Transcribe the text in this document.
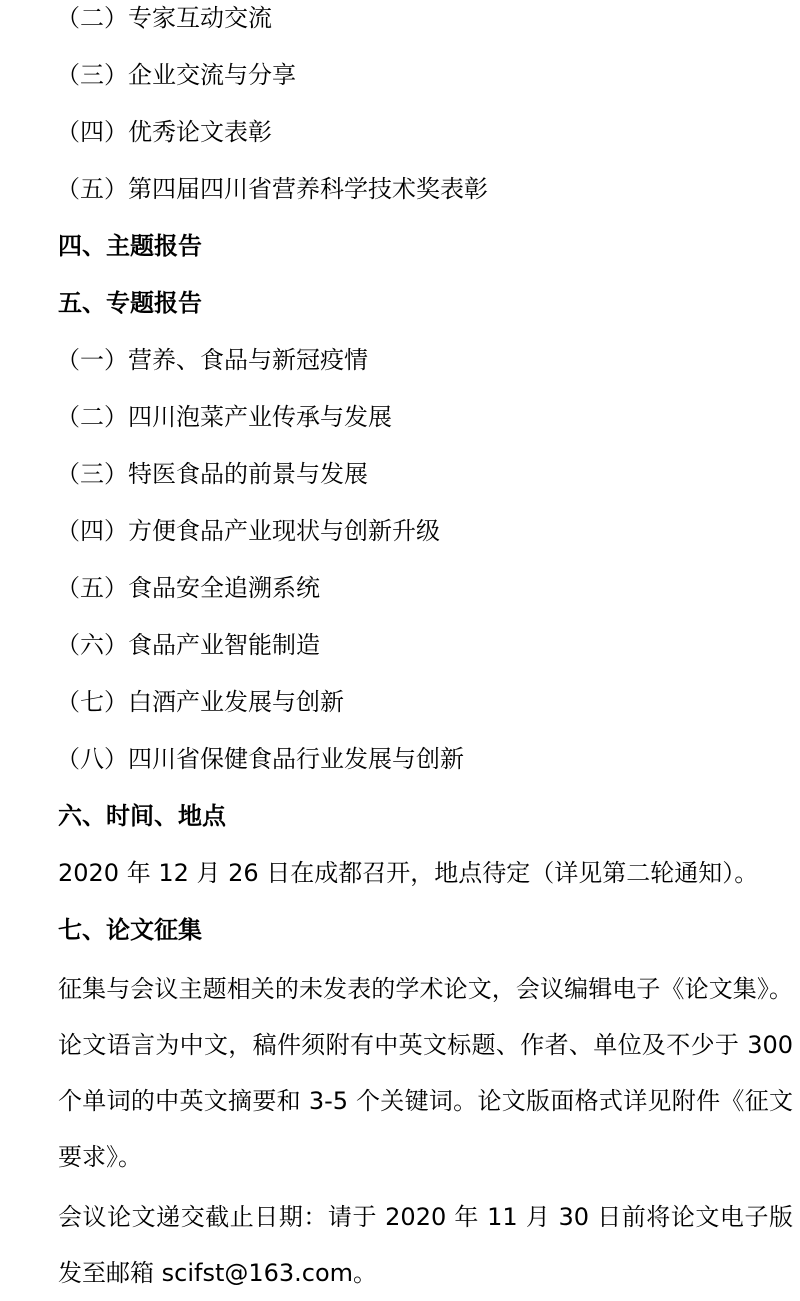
（二）专家互动交流
（三）企业交流与分享
（四）优秀论文表彰
（五）第四届四川省营养科学技术奖表彰
四、主题报告
五、专题报告
（一）营养、食品与新冠疫情
（二）四川泡菜产业传承与发展
（三）特医食品的前景与发展
（四）方便食品产业现状与创新升级
（五）食品安全追溯系统
（六）食品产业智能制造
（七）白酒产业发展与创新
（八）四川省保健食品行业发展与创新
六、时间、地点
2020 年 12 月 26 日在成都召开，地点待定（详见第二轮通知）。
七、论文征集
征集与会议主题相关的未发表的学术论文，会议编辑电子《论文集》。论文语言为中文，稿件须附有中英文标题、作者、单位及不少于 300 个单词的中英文摘要和 3-5 个关键词。论文版面格式详见附件《征文要求》。
会议论文递交截止日期：请于 2020 年 11 月 30 日前将论文电子版发至邮箱 scifst@163.com。
